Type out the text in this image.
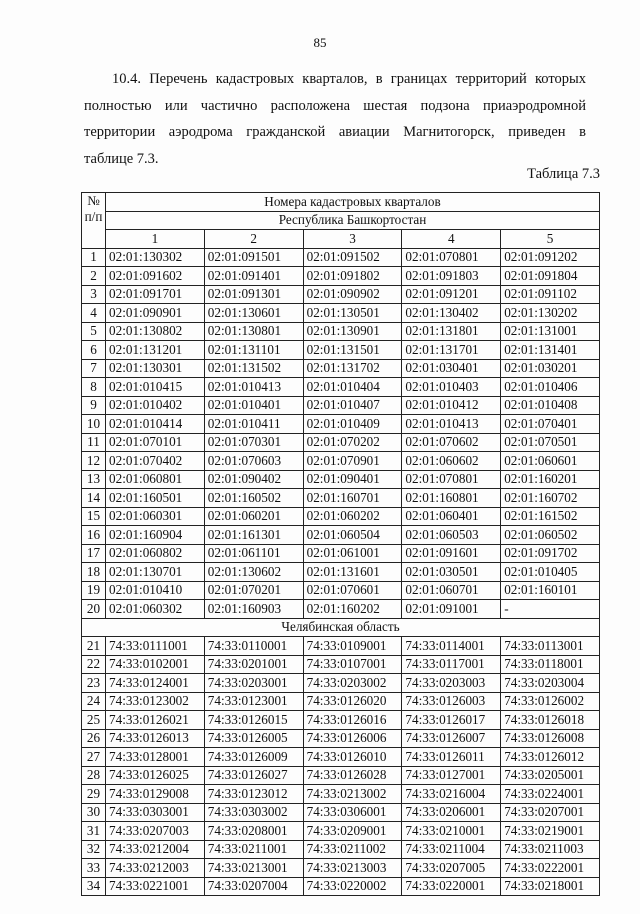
85

10.4. Перечень кадастровых кварталов, в границах территорий которых
полностью или частично расположена шестая подзона приаэродромной
территории аэродрома гражданской авиации Магнитогорск, приведен в
таблице 7.3.

Таблица 7.3
№
п/п	Номера кадастровых кварталов				
	Республика Башкортостан				
	1	2	3	4	5
1	02:01:130302	02:01:091501	02:01:091502	02:01:070801	02:01:091202
2	02:01:091602	02:01:091401	02:01:091802	02:01:091803	02:01:091804
3	02:01:091701	02:01:091301	02:01:090902	02:01:091201	02:01:091102
4	02:01:090901	02:01:130601	02:01:130501	02:01:130402	02:01:130202
5	02:01:130802	02:01:130801	02:01:130901	02:01:131801	02:01:131001
6	02:01:131201	02:01:131101	02:01:131501	02:01:131701	02:01:131401
7	02:01:130301	02:01:131502	02:01:131702	02:01:030401	02:01:030201
8	02:01:010415	02:01:010413	02:01:010404	02:01:010403	02:01:010406
9	02:01:010402	02:01:010401	02:01:010407	02:01:010412	02:01:010408
10	02:01:010414	02:01:010411	02:01:010409	02:01:010413	02:01:070401
11	02:01:070101	02:01:070301	02:01:070202	02:01:070602	02:01:070501
12	02:01:070402	02:01:070603	02:01:070901	02:01:060602	02:01:060601
13	02:01:060801	02:01:090402	02:01:090401	02:01:070801	02:01:160201
14	02:01:160501	02:01:160502	02:01:160701	02:01:160801	02:01:160702
15	02:01:060301	02:01:060201	02:01:060202	02:01:060401	02:01:161502
16	02:01:160904	02:01:161301	02:01:060504	02:01:060503	02:01:060502
17	02:01:060802	02:01:061101	02:01:061001	02:01:091601	02:01:091702
18	02:01:130701	02:01:130602	02:01:131601	02:01:030501	02:01:010405
19	02:01:010410	02:01:070201	02:01:070601	02:01:060701	02:01:160101
20	02:01:060302	02:01:160903	02:01:160202	02:01:091001	-
Челябинская область					
21	74:33:0111001	74:33:0110001	74:33:0109001	74:33:0114001	74:33:0113001
22	74:33:0102001	74:33:0201001	74:33:0107001	74:33:0117001	74:33:0118001
23	74:33:0124001	74:33:0203001	74:33:0203002	74:33:0203003	74:33:0203004
24	74:33:0123002	74:33:0123001	74:33:0126020	74:33:0126003	74:33:0126002
25	74:33:0126021	74:33:0126015	74:33:0126016	74:33:0126017	74:33:0126018
26	74:33:0126013	74:33:0126005	74:33:0126006	74:33:0126007	74:33:0126008
27	74:33:0128001	74:33:0126009	74:33:0126010	74:33:0126011	74:33:0126012
28	74:33:0126025	74:33:0126027	74:33:0126028	74:33:0127001	74:33:0205001
29	74:33:0129008	74:33:0123012	74:33:0213002	74:33:0216004	74:33:0224001
30	74:33:0303001	74:33:0303002	74:33:0306001	74:33:0206001	74:33:0207001
31	74:33:0207003	74:33:0208001	74:33:0209001	74:33:0210001	74:33:0219001
32	74:33:0212004	74:33:0211001	74:33:0211002	74:33:0211004	74:33:0211003
33	74:33:0212003	74:33:0213001	74:33:0213003	74:33:0207005	74:33:0222001
34	74:33:0221001	74:33:0207004	74:33:0220002	74:33:0220001	74:33:0218001
